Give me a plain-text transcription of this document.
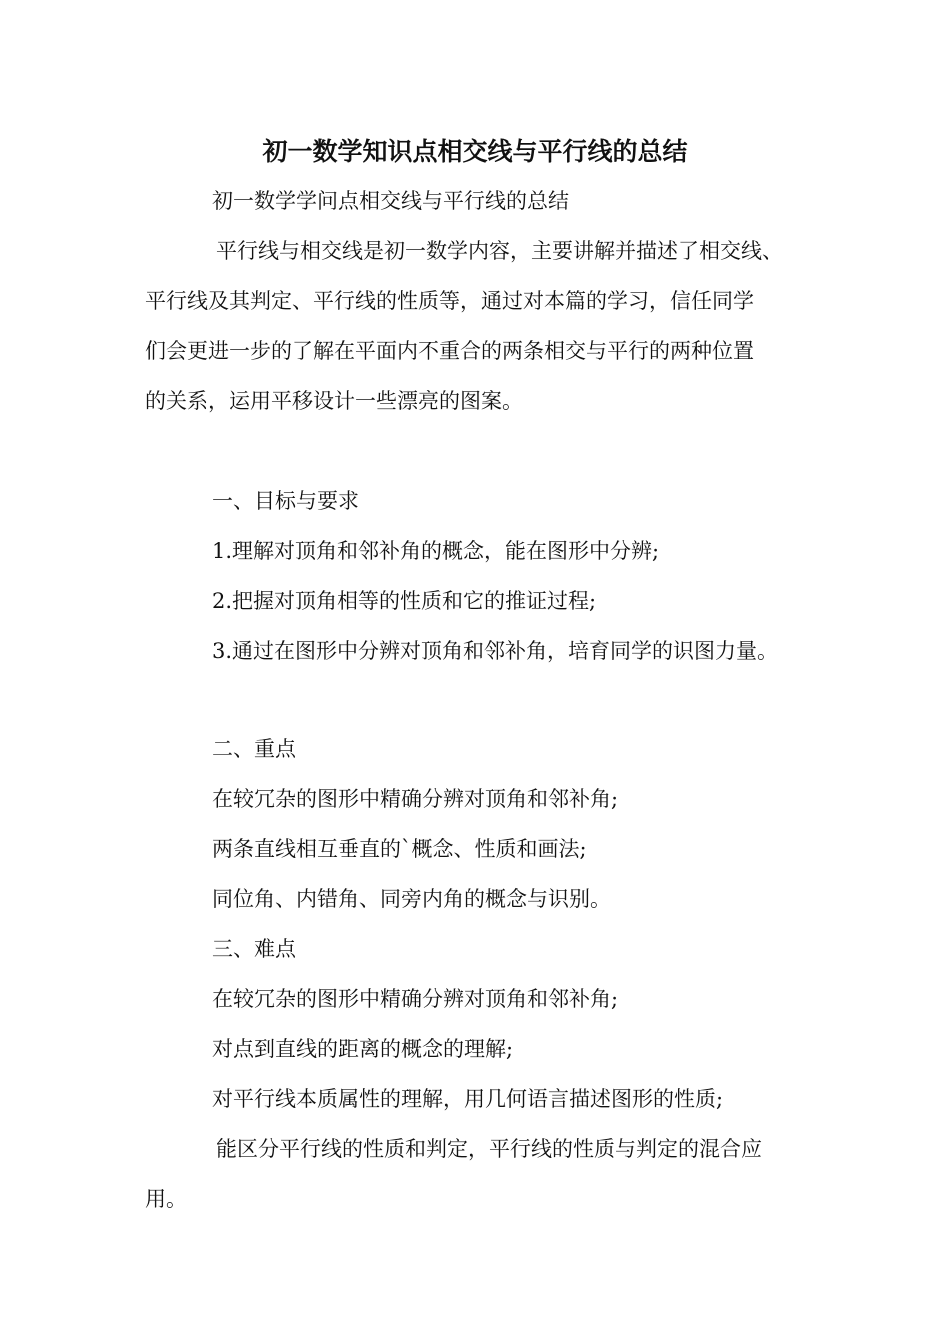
初一数学知识点相交线与平行线的总结
初一数学学问点相交线与平行线的总结
平行线与相交线是初一数学内容，主要讲解并描述了相交线、
平行线及其判定、平行线的性质等，通过对本篇的学习，信任同学
们会更进一步的了解在平面内不重合的两条相交与平行的两种位置
的关系，运用平移设计一些漂亮的图案。
一、目标与要求
1.理解对顶角和邻补角的概念，能在图形中分辨;
2.把握对顶角相等的性质和它的推证过程;
3.通过在图形中分辨对顶角和邻补角，培育同学的识图力量。
二、重点
在较冗杂的图形中精确分辨对顶角和邻补角;
两条直线相互垂直的`概念、性质和画法;
同位角、内错角、同旁内角的概念与识别。
三、难点
在较冗杂的图形中精确分辨对顶角和邻补角;
对点到直线的距离的概念的理解;
对平行线本质属性的理解，用几何语言描述图形的性质;
能区分平行线的性质和判定，平行线的性质与判定的混合应
用。
